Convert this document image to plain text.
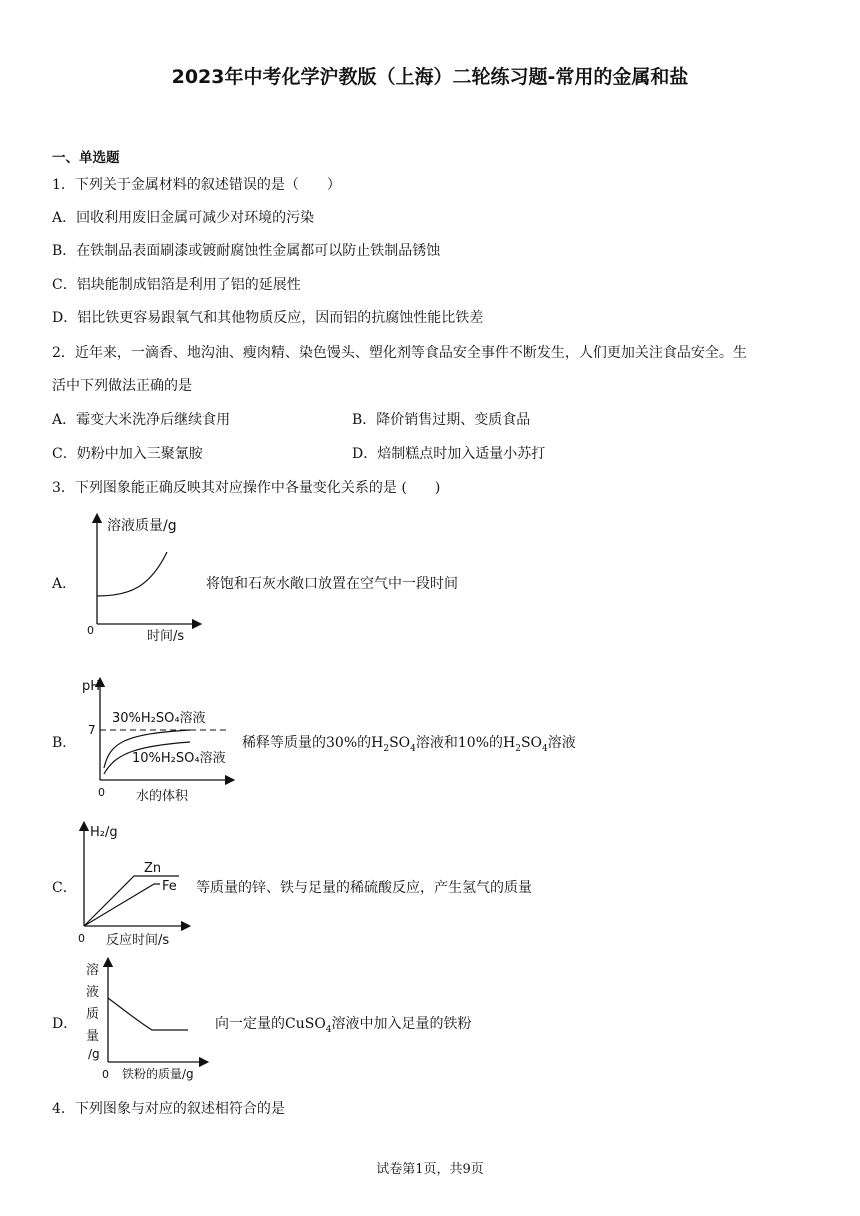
2023年中考化学沪教版（上海）二轮练习题-常用的金属和盐
一、单选题
1．下列关于金属材料的叙述错误的是（　　）
A．回收利用废旧金属可减少对环境的污染
B．在铁制品表面刷漆或镀耐腐蚀性金属都可以防止铁制品锈蚀
C．铝块能制成铝箔是利用了铝的延展性
D．铝比铁更容易跟氧气和其他物质反应，因而铝的抗腐蚀性能比铁差
2．近年来，一滴香、地沟油、瘦肉精、染色馒头、塑化剂等食品安全事件不断发生，人们更加关注食品安全。生
活中下列做法正确的是
A．霉变大米洗净后继续食用	B．降价销售过期、变质食品
C．奶粉中加入三聚氰胺	D．焙制糕点时加入适量小苏打
3．下列图象能正确反映其对应操作中各量变化关系的是 (　　)
A．
溶液质量/g
时间/s
0
将饱和石灰水敞口放置在空气中一段时间
B．
pH
7
30%H₂SO₄溶液
10%H₂SO₄溶液
水的体积
0
稀释等质量的30%的$H_2SO_4$溶液和10%的$H_2SO_4$溶液
C．
H₂/g
Zn
Fe
反应时间/s
0
等质量的锌、铁与足量的稀硫酸反应，产生氢气的质量
D．
溶
液
质
量
/g
铁粉的质量/g
0
向一定量的CuSO$_4$溶液中加入足量的铁粉
4．下列图象与对应的叙述相符合的是
试卷第1页，共9页
